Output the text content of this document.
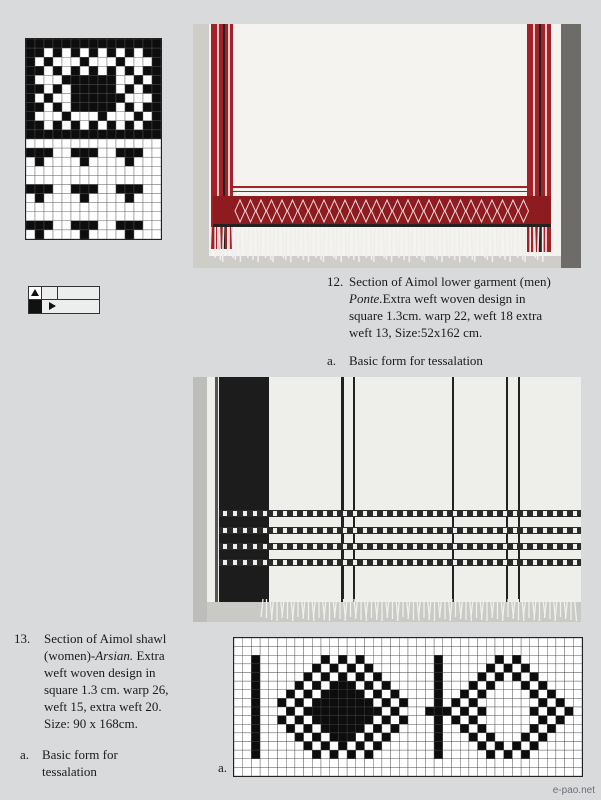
12. Section of Aimol lower garment (men)
Ponte.Extra weft woven design in
square 1.3cm. warp 22, weft 18 extra
weft 13, Size:52x162 cm.
a. Basic form for tessalation
13. Section of Aimol shawl
(women)-Arsian. Extra
weft woven design in
square 1.3 cm. warp 26,
weft 15, extra weft 20.
Size: 90 x 168cm.
a. Basic form for
tessalation	a.
e-pao.net
